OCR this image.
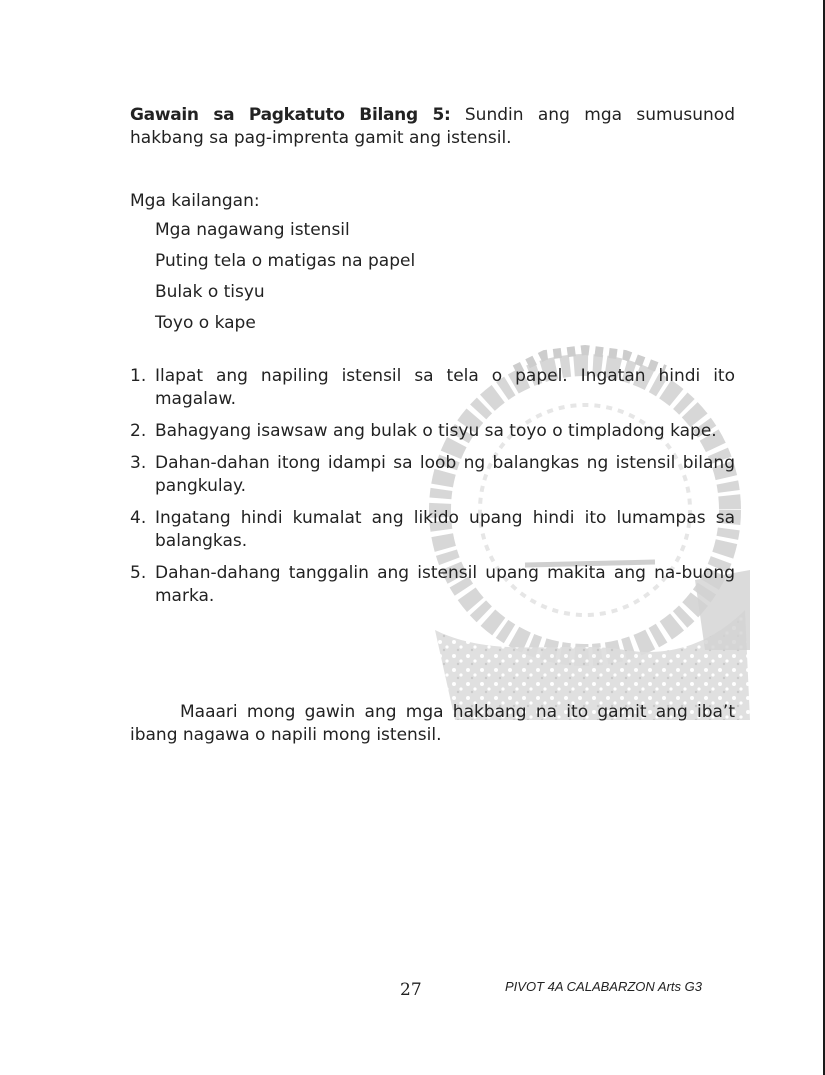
Gawain sa Pagkatuto Bilang 5: Sundin ang mga sumusunod hakbang sa pag-imprenta gamit ang istensil.

Mga kailangan:
Mga nagawang istensil
Puting tela o matigas na papel
Bulak o tisyu
Toyo o kape
1. Ilapat ang napiling istensil sa tela o papel. Ingatan hindi ito magalaw.
2. Bahagyang isawsaw ang bulak o tisyu sa toyo o timpladong kape.
3. Dahan-dahan itong idampi sa loob ng balangkas ng istensil bilang pangkulay.
4. Ingatang hindi kumalat ang likido upang hindi ito lumampas sa balangkas.
5. Dahan-dahang tanggalin ang istensil upang makita ang na-buong marka.

Maaari mong gawin ang mga hakbang na ito gamit ang iba’t ibang nagawa o napili mong istensil.

27	PIVOT 4A CALABARZON Arts G3
